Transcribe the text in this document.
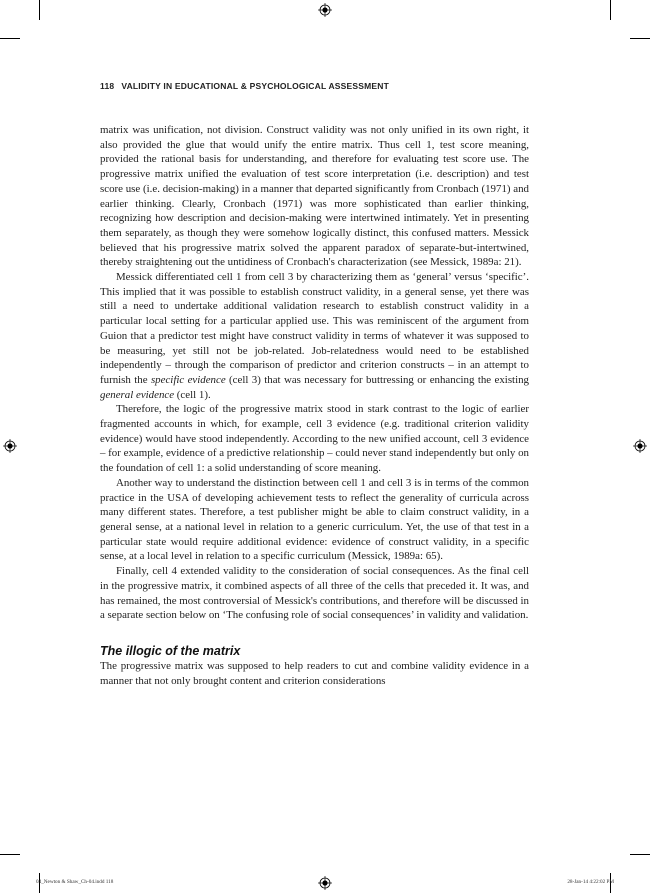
118 VALIDITY IN EDUCATIONAL & PSYCHOLOGICAL ASSESSMENT

matrix was unification, not division. Construct validity was not only unified in its own right, it also provided the glue that would unify the entire matrix. Thus cell 1, test score meaning, provided the rational basis for understanding, and therefore for evaluating test score use. The progressive matrix unified the evaluation of test score interpretation (i.e. description) and test score use (i.e. decision-making) in a manner that departed significantly from Cronbach (1971) and earlier thinking. Clearly, Cronbach (1971) was more sophisticated than earlier thinking, recognizing how description and decision-making were intertwined intimately. Yet in presenting them separately, as though they were somehow logically distinct, this confused matters. Messick believed that his progressive matrix solved the apparent paradox of separate-but-intertwined, thereby straightening out the untidiness of Cronbach's characterization (see Messick, 1989a: 21).

Messick differentiated cell 1 from cell 3 by characterizing them as ‘general’ versus ‘specific’. This implied that it was possible to establish construct validity, in a general sense, yet there was still a need to undertake additional validation research to establish construct validity in a particular local setting for a particular applied use. This was reminiscent of the argument from Guion that a predictor test might have construct validity in terms of whatever it was supposed to be measuring, yet still not be job-related. Job-relatedness would need to be established independently – through the comparison of predictor and criterion constructs – in an attempt to furnish the specific evidence (cell 3) that was necessary for buttressing or enhancing the existing general evidence (cell 1).

Therefore, the logic of the progressive matrix stood in stark contrast to the logic of earlier fragmented accounts in which, for example, cell 3 evidence (e.g. traditional criterion validity evidence) would have stood independently. According to the new unified account, cell 3 evidence – for example, evidence of a predictive relationship – could never stand independently but only on the foundation of cell 1: a solid understanding of score meaning.

Another way to understand the distinction between cell 1 and cell 3 is in terms of the common practice in the USA of developing achievement tests to reflect the generality of curricula across many different states. Therefore, a test publisher might be able to claim construct validity, in a general sense, at a national level in relation to a generic curriculum. Yet, the use of that test in a particular state would require additional evidence: evidence of construct validity, in a specific sense, at a local level in relation to a specific curriculum (Messick, 1989a: 65).

Finally, cell 4 extended validity to the consideration of social consequences. As the final cell in the progressive matrix, it combined aspects of all three of the cells that preceded it. It was, and has remained, the most controversial of Messick's contributions, and therefore will be discussed in a separate section below on ‘The confusing role of social consequences’ in validity and validation.

The illogic of the matrix

The progressive matrix was supposed to help readers to cut and combine validity evidence in a manner that not only brought content and criterion considerations

04_Newton & Shaw_Ch-04.indd 118	28-Jan-14 4:22:02 PM
